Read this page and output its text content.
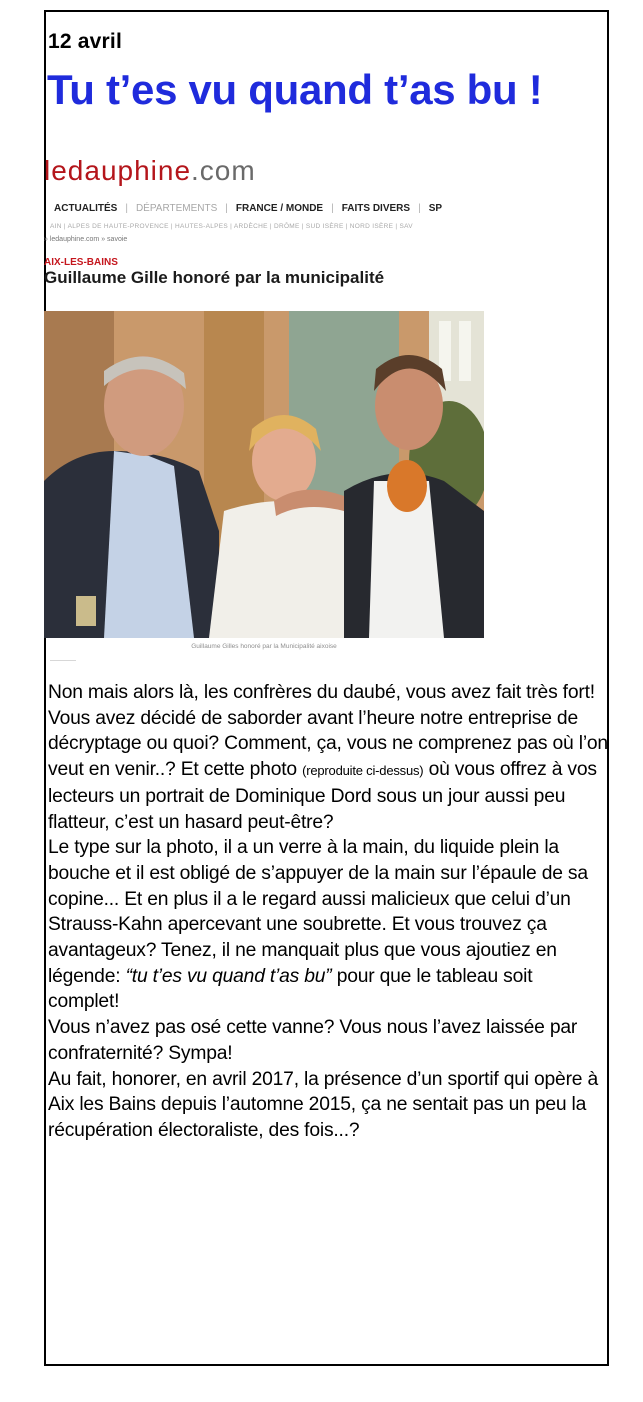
12 avril
Tu t’es vu quand t’as bu !
ledauphine.com
ACTUALITÉS | DÉPARTEMENTS | FRANCE / MONDE | FAITS DIVERS | SP
AIN | ALPES DE HAUTE-PROVENCE | HAUTES-ALPES | ARDÈCHE | DRÔME | SUD ISÈRE | NORD ISÈRE | SAV
» ledauphine.com » savoie
AIX-LES-BAINS
Guillaume Gille honoré par la municipalité
Guillaume Gilles honoré par la Municipalité aixoise

Non mais alors là, les confrères du daubé, vous avez fait très fort! Vous avez décidé de saborder avant l’heure notre entreprise de décryptage ou quoi? Comment, ça, vous ne comprenez pas où l’on veut en venir..? Et cette photo (reproduite ci-dessus) où vous offrez à vos lecteurs un portrait de Dominique Dord sous un jour aussi peu flatteur, c’est un hasard peut-être?

Le type sur la photo, il a un verre à la main, du liquide plein la bouche et il est obligé de s’appuyer de la main sur l’épaule de sa copine... Et en plus il a le regard aussi malicieux que celui d’un Strauss-Kahn apercevant une soubrette. Et vous trouvez ça avantageux? Tenez, il ne manquait plus que vous ajoutiez en légende: “tu t’es vu quand t’as bu” pour que le tableau soit complet!

Vous n’avez pas osé cette vanne? Vous nous l’avez laissée par confraternité? Sympa!

Au fait, honorer, en avril 2017, la présence d’un sportif qui opère à Aix les Bains depuis l’automne 2015, ça ne sentait pas un peu la récupération électoraliste, des fois...?
